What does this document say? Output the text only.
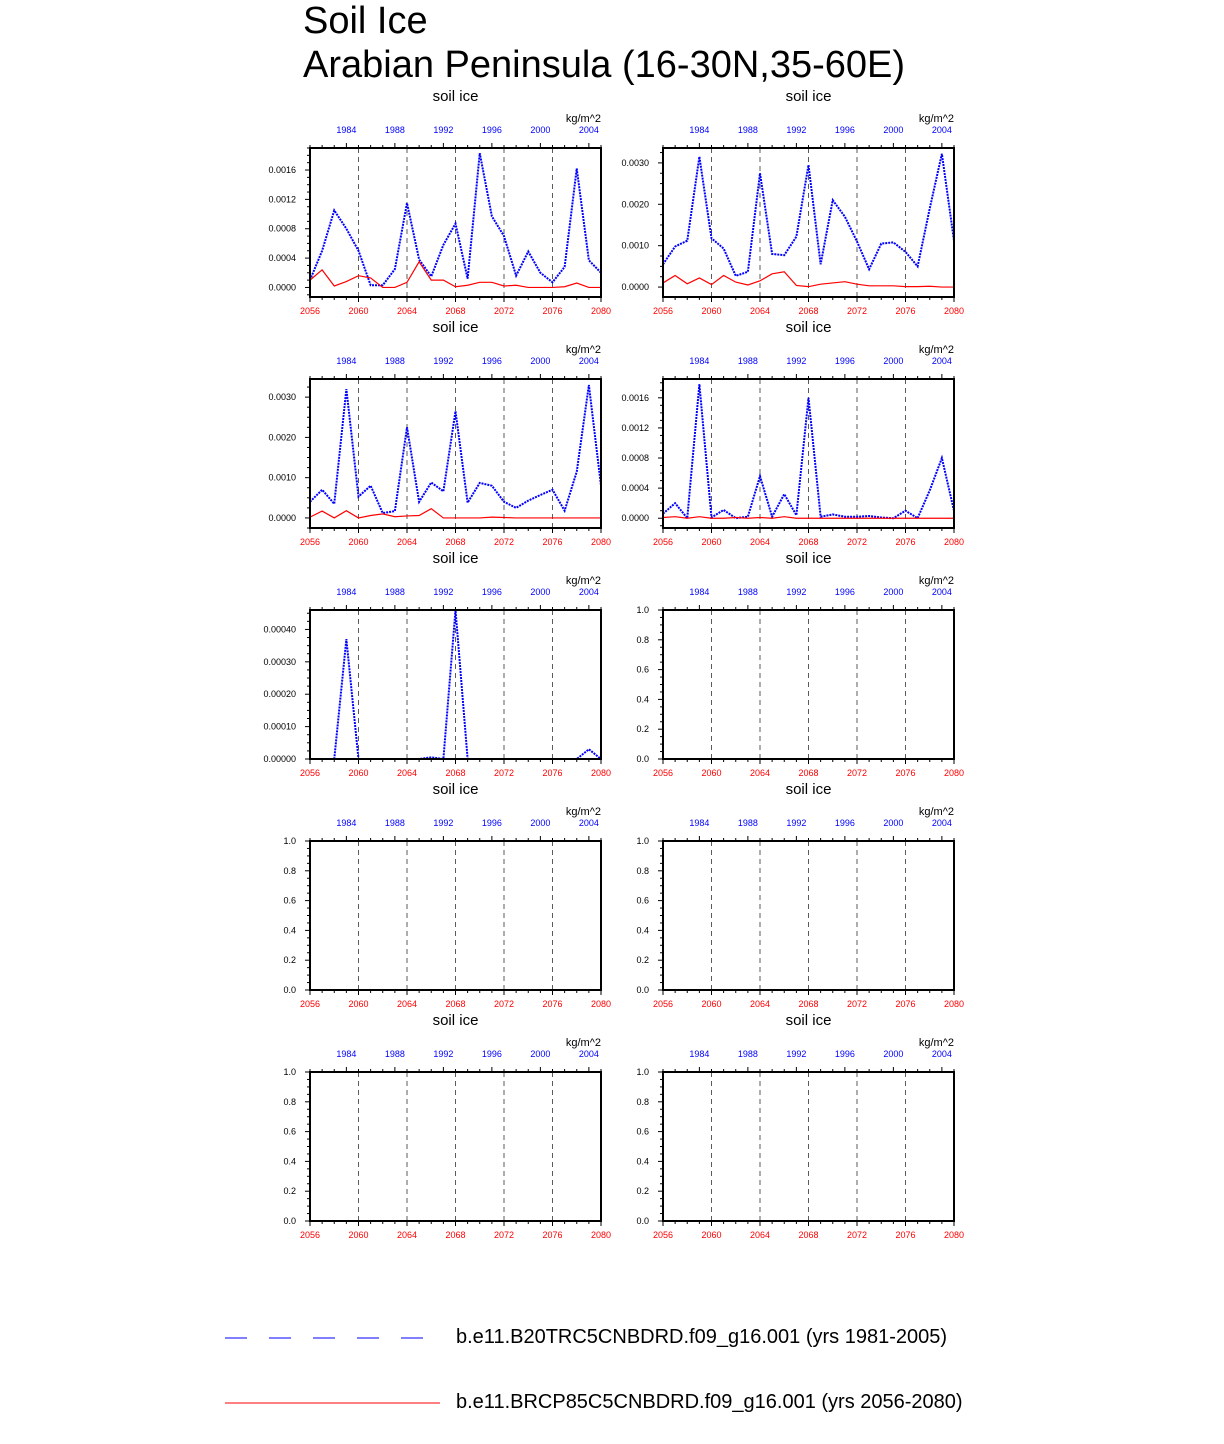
Soil Ice
Arabian Peninsula (16-30N,35-60E)
soil ice
kg/m^2
2056	2060	2064	2068	2072	2076	2080
1984	1988	1992	1996	2000	2004
0.0000
0.0004
0.0008
0.0012
0.0016
soil ice
kg/m^2
2056	2060	2064	2068	2072	2076	2080
1984	1988	1992	1996	2000	2004
0.0000
0.0010
0.0020
0.0030
soil ice
kg/m^2
2056	2060	2064	2068	2072	2076	2080
1984	1988	1992	1996	2000	2004
0.0000
0.0010
0.0020
0.0030
soil ice
kg/m^2
2056	2060	2064	2068	2072	2076	2080
1984	1988	1992	1996	2000	2004
0.0000
0.0004
0.0008
0.0012
0.0016
soil ice
kg/m^2
2056	2060	2064	2068	2072	2076	2080
1984	1988	1992	1996	2000	2004
0.00000
0.00010
0.00020
0.00030
0.00040
soil ice
kg/m^2
2056	2060	2064	2068	2072	2076	2080
1984	1988	1992	1996	2000	2004
0.0
0.2
0.4
0.6
0.8
1.0
soil ice
kg/m^2
2056	2060	2064	2068	2072	2076	2080
1984	1988	1992	1996	2000	2004
0.0
0.2
0.4
0.6
0.8
1.0
soil ice
kg/m^2
2056	2060	2064	2068	2072	2076	2080
1984	1988	1992	1996	2000	2004
0.0
0.2
0.4
0.6
0.8
1.0
soil ice
kg/m^2
2056	2060	2064	2068	2072	2076	2080
1984	1988	1992	1996	2000	2004
0.0
0.2
0.4
0.6
0.8
1.0
soil ice
kg/m^2
2056	2060	2064	2068	2072	2076	2080
1984	1988	1992	1996	2000	2004
0.0
0.2
0.4
0.6
0.8
1.0
b.e11.B20TRC5CNBDRD.f09_g16.001 (yrs 1981-2005)
b.e11.BRCP85C5CNBDRD.f09_g16.001 (yrs 2056-2080)
